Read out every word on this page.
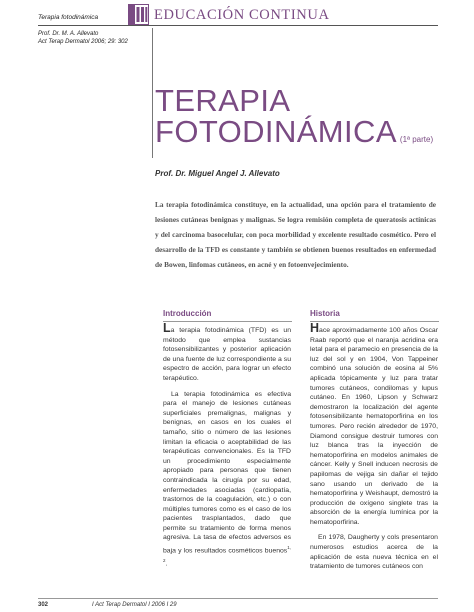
Terapia fotodinámica	EDUCACIÓN CONTINUA
Prof. Dr. M. A. Allevato
Act Terap Dermatol 2006; 29: 302
TERAPIA
FOTODINÁMICA (1ª parte)
Prof. Dr. Miguel Angel J. Allevato
La terapia fotodinámica constituye, en la actualidad, una opción para el tratamiento de lesiones cutáneas benignas y malignas. Se logra remisión completa de queratosis actínicas y del carcinoma basocelular, con poca morbilidad y excelente resultado cosmético. Pero el desarrollo de la TFD es constante y también se obtienen buenos resultados en enfermedad de Bowen, linfomas cutáneos, en acné y en fotoenvejecimiento.
Introducción

La terapia fotodinámica (TFD) es un método que emplea sustancias fotosensibilizantes y posterior aplicación de una fuente de luz correspondiente a su espectro de acción, para lograr un efecto terapéutico.

La terapia fotodinámica es efectiva para el manejo de lesiones cutáneas superficiales premalignas, malignas y benignas, en casos en los cuales el tamaño, sitio o número de las lesiones limitan la eficacia o aceptabilidad de las terapéuticas convencionales. Es la TFD un procedimiento especialmente apropiado para personas que tienen contraindicada la cirugía por su edad, enfermedades asociadas (cardiopatía, trastornos de la coagulación, etc.) o con múltiples tumores como es el caso de los pacientes trasplantados, dado que permite su tratamiento de forma menos agresiva. La tasa de efectos adversos es baja y los resultados cosméticos buenos$^{1, 2}$.

Historia

Hace aproximadamente 100 años Oscar Raab reportó que el naranja acridina era letal para el paramecio en presencia de la luz del sol y en 1904, Von Tappeiner combinó una solución de eosina al 5% aplicada tópicamente y luz para tratar tumores cutáneos, condilomas y lupus cutáneo. En 1960, Lipson y Schwarz demostraron la localización del agente fotosensibilizante hematoporfirina en los tumores. Pero recién alrededor de 1970, Diamond consigue destruir tumores con luz blanca tras la inyección de hematoporfirina en modelos animales de cáncer. Kelly y Snell inducen necrosis de papilomas de vejiga sin dañar el tejido sano usando un derivado de la hematoporfirina y Weishaupt, demostró la producción de oxígeno singlete tras la absorción de la energía lumínica por la hematoporfirina.

En 1978, Daugherty y cols presentaron numerosos estudios acerca de la aplicación de esta nueva técnica en el tratamiento de tumores cutáneos con

302	I Act Terap Dermatol I 2006 I 29
